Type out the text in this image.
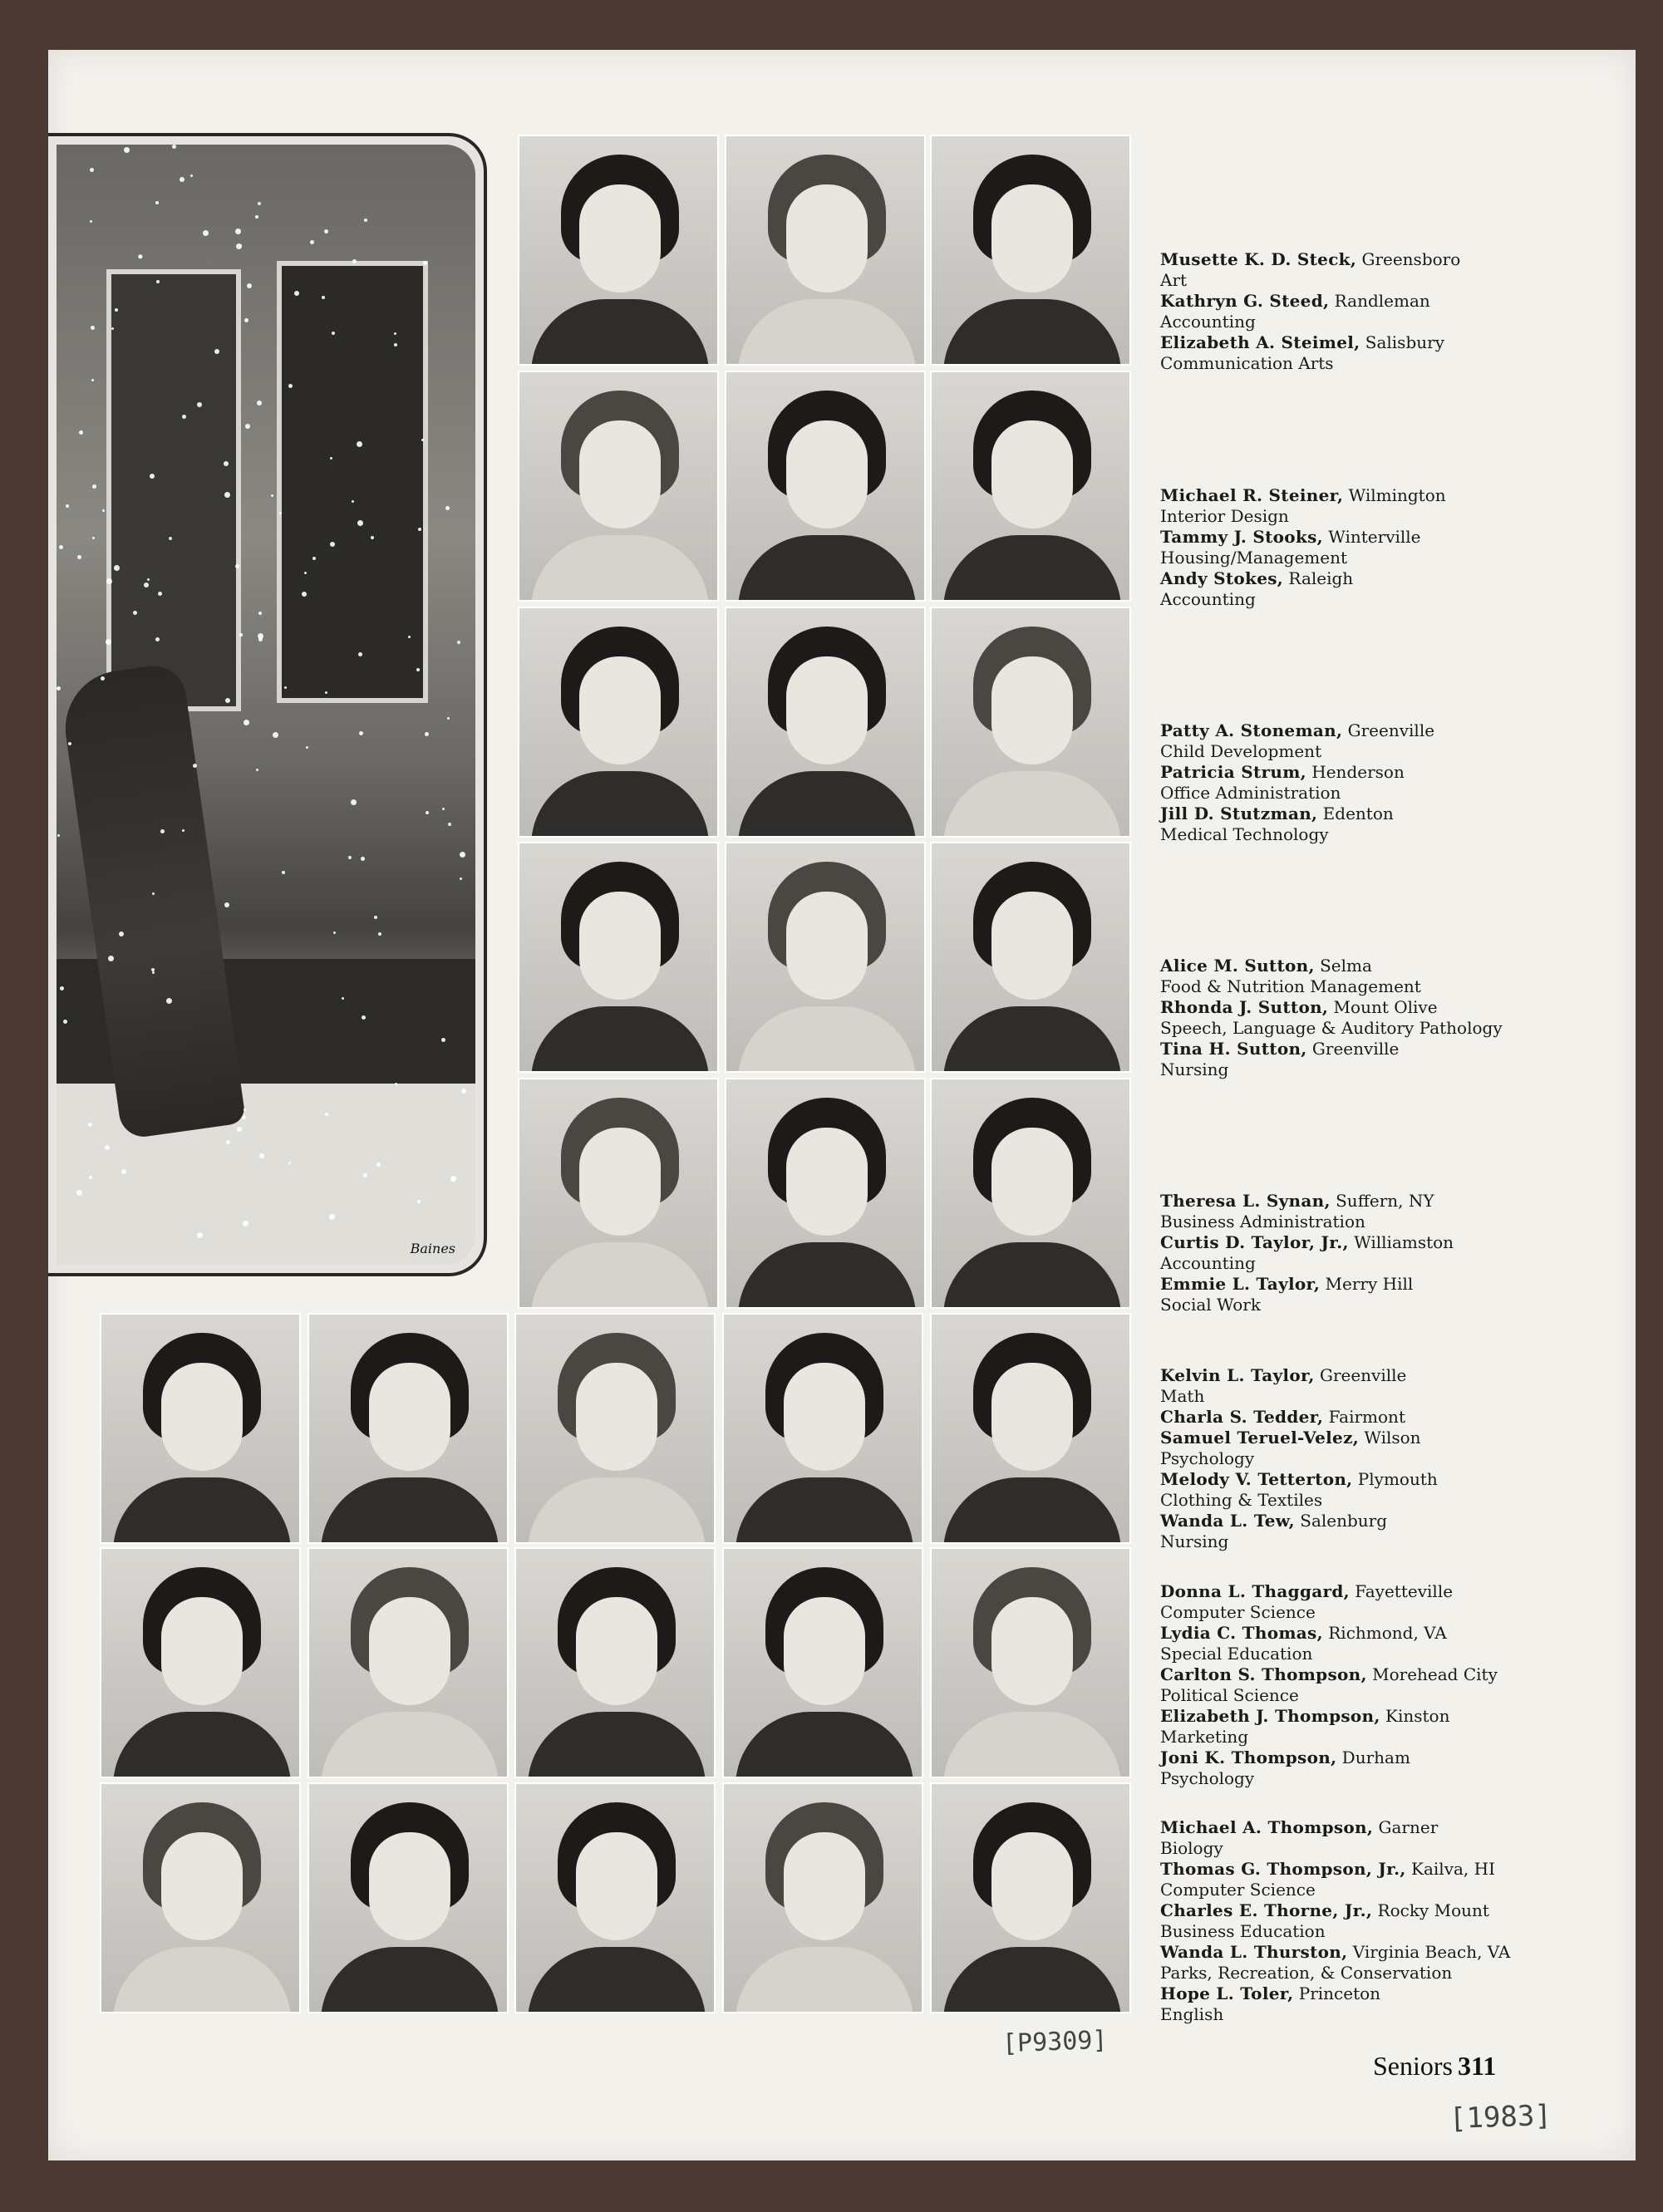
Baines
Musette K. D. Steck, Greensboro
Art
Kathryn G. Steed, Randleman
Accounting
Elizabeth A. Steimel, Salisbury
Communication Arts
Michael R. Steiner, Wilmington
Interior Design
Tammy J. Stooks, Winterville
Housing/Management
Andy Stokes, Raleigh
Accounting
Patty A. Stoneman, Greenville
Child Development
Patricia Strum, Henderson
Office Administration
Jill D. Stutzman, Edenton
Medical Technology
Alice M. Sutton, Selma
Food & Nutrition Management
Rhonda J. Sutton, Mount Olive
Speech, Language & Auditory Pathology
Tina H. Sutton, Greenville
Nursing
Theresa L. Synan, Suffern, NY
Business Administration
Curtis D. Taylor, Jr., Williamston
Accounting
Emmie L. Taylor, Merry Hill
Social Work
Kelvin L. Taylor, Greenville
Math
Charla S. Tedder, Fairmont
Samuel Teruel-Velez, Wilson
Psychology
Melody V. Tetterton, Plymouth
Clothing & Textiles
Wanda L. Tew, Salenburg
Nursing
Donna L. Thaggard, Fayetteville
Computer Science
Lydia C. Thomas, Richmond, VA
Special Education
Carlton S. Thompson, Morehead City
Political Science
Elizabeth J. Thompson, Kinston
Marketing
Joni K. Thompson, Durham
Psychology
Michael A. Thompson, Garner
Biology
Thomas G. Thompson, Jr., Kailva, HI
Computer Science
Charles E. Thorne, Jr., Rocky Mount
Business Education
Wanda L. Thurston, Virginia Beach, VA
Parks, Recreation, & Conservation
Hope L. Toler, Princeton
English
Seniors 311
[P9309]
[1983]
